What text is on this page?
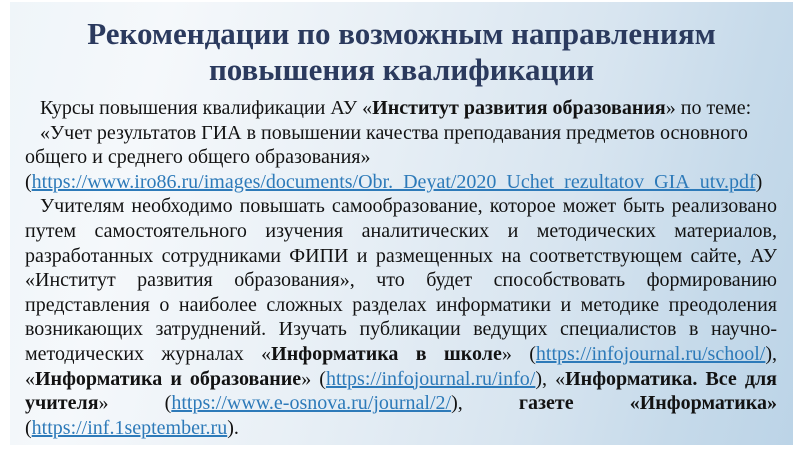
Рекомендации по возможным направлениям повышения квалификации

Курсы повышения квалификации АУ «Институт развития образования» по теме:

«Учет результатов ГИА в повышении качества преподавания предметов основного общего и среднего общего образования» (https://www.iro86.ru/images/documents/Obr._Deyat/2020_Uchet_rezultatov_GIA_utv.pdf)

Учителям необходимо повышать самообразование, которое может быть реализовано путем самостоятельного изучения аналитических и методических материалов, разработанных сотрудниками ФИПИ и размещенных на соответствующем сайте, АУ «Институт развития образования», что будет способствовать формированию представления о наиболее сложных разделах информатики и методике преодоления возникающих затруднений. Изучать публикации ведущих специалистов в научно-методических журналах «Информатика в школе» (https://infojournal.ru/school/), «Информатика и образование» (https://infojournal.ru/info/), «Информатика. Все для учителя» (https://www.e-osnova.ru/journal/2/), газете «Информатика» (https://inf.1september.ru).
